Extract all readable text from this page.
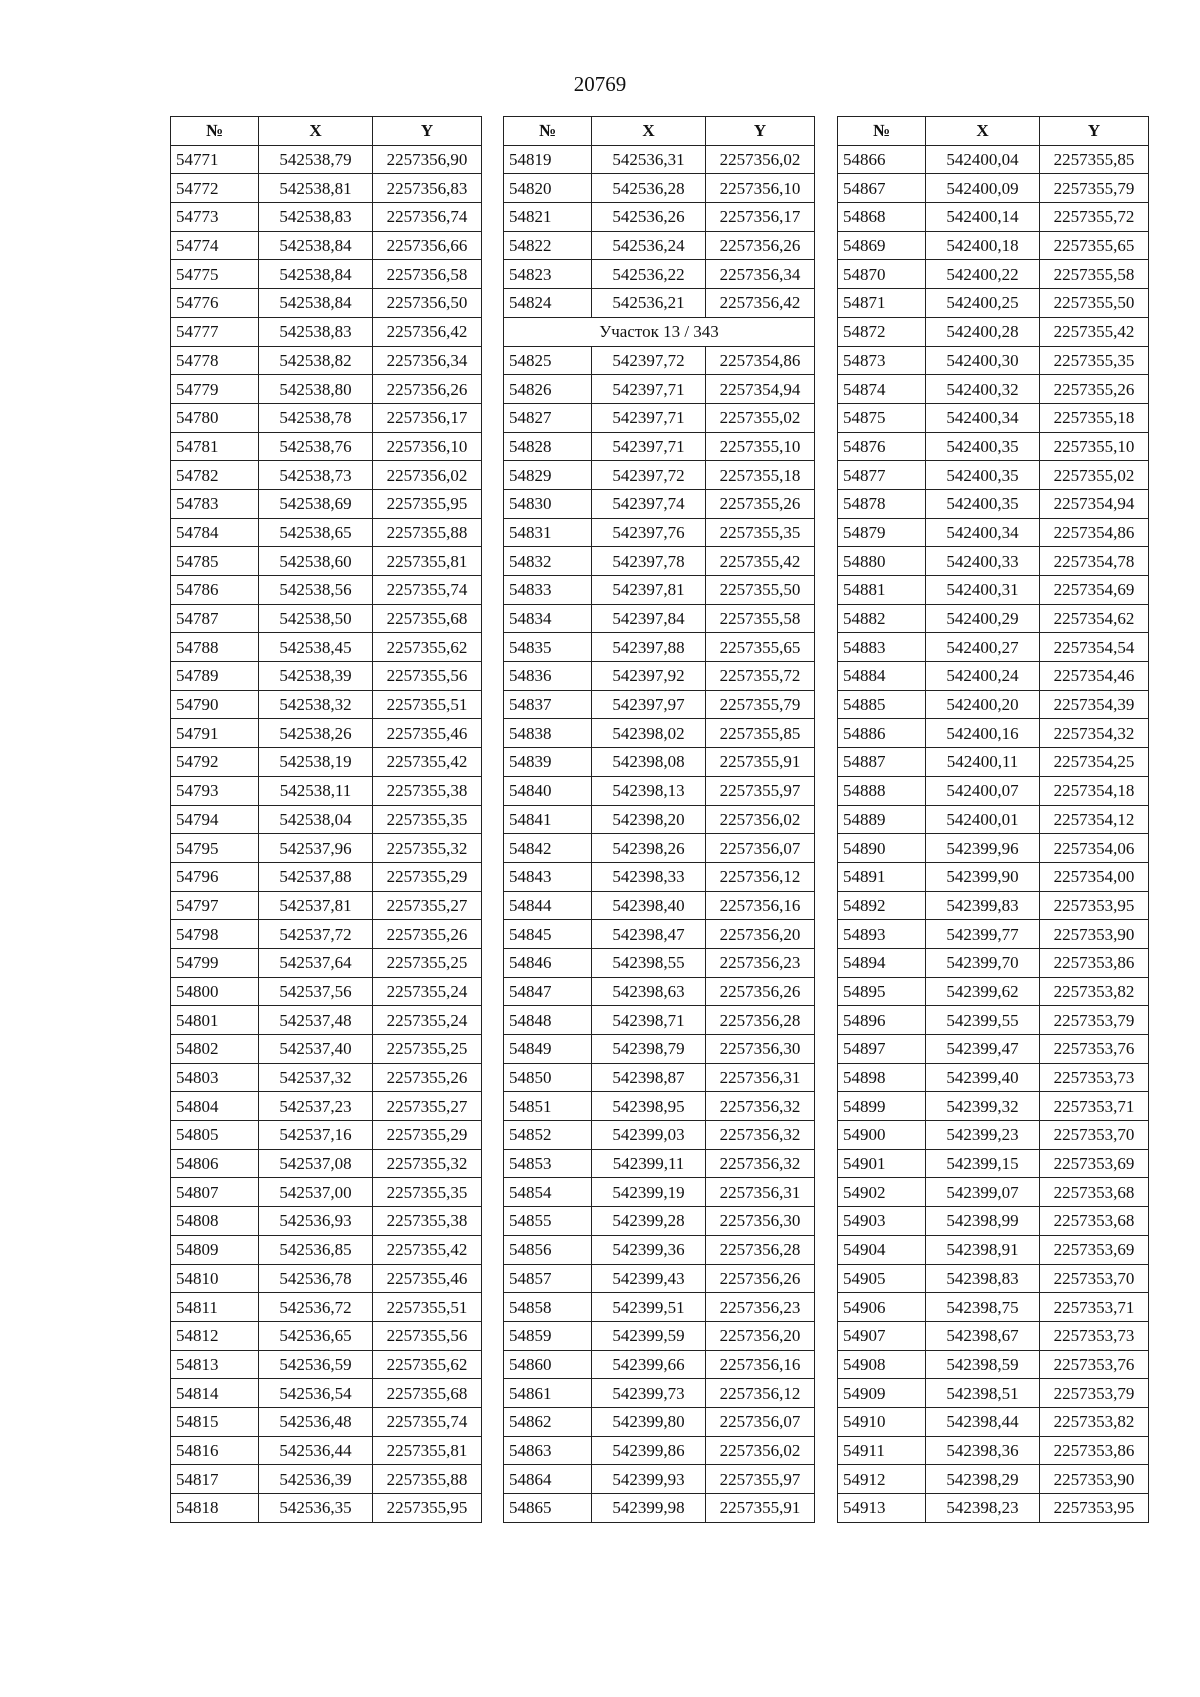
20769
№	X	Y
54771	542538,79	2257356,90
54772	542538,81	2257356,83
54773	542538,83	2257356,74
54774	542538,84	2257356,66
54775	542538,84	2257356,58
54776	542538,84	2257356,50
54777	542538,83	2257356,42
54778	542538,82	2257356,34
54779	542538,80	2257356,26
54780	542538,78	2257356,17
54781	542538,76	2257356,10
54782	542538,73	2257356,02
54783	542538,69	2257355,95
54784	542538,65	2257355,88
54785	542538,60	2257355,81
54786	542538,56	2257355,74
54787	542538,50	2257355,68
54788	542538,45	2257355,62
54789	542538,39	2257355,56
54790	542538,32	2257355,51
54791	542538,26	2257355,46
54792	542538,19	2257355,42
54793	542538,11	2257355,38
54794	542538,04	2257355,35
54795	542537,96	2257355,32
54796	542537,88	2257355,29
54797	542537,81	2257355,27
54798	542537,72	2257355,26
54799	542537,64	2257355,25
54800	542537,56	2257355,24
54801	542537,48	2257355,24
54802	542537,40	2257355,25
54803	542537,32	2257355,26
54804	542537,23	2257355,27
54805	542537,16	2257355,29
54806	542537,08	2257355,32
54807	542537,00	2257355,35
54808	542536,93	2257355,38
54809	542536,85	2257355,42
54810	542536,78	2257355,46
54811	542536,72	2257355,51
54812	542536,65	2257355,56
54813	542536,59	2257355,62
54814	542536,54	2257355,68
54815	542536,48	2257355,74
54816	542536,44	2257355,81
54817	542536,39	2257355,88
54818	542536,35	2257355,95
№	X	Y
54819	542536,31	2257356,02
54820	542536,28	2257356,10
54821	542536,26	2257356,17
54822	542536,24	2257356,26
54823	542536,22	2257356,34
54824	542536,21	2257356,42
Участок 13 / 343		
54825	542397,72	2257354,86
54826	542397,71	2257354,94
54827	542397,71	2257355,02
54828	542397,71	2257355,10
54829	542397,72	2257355,18
54830	542397,74	2257355,26
54831	542397,76	2257355,35
54832	542397,78	2257355,42
54833	542397,81	2257355,50
54834	542397,84	2257355,58
54835	542397,88	2257355,65
54836	542397,92	2257355,72
54837	542397,97	2257355,79
54838	542398,02	2257355,85
54839	542398,08	2257355,91
54840	542398,13	2257355,97
54841	542398,20	2257356,02
54842	542398,26	2257356,07
54843	542398,33	2257356,12
54844	542398,40	2257356,16
54845	542398,47	2257356,20
54846	542398,55	2257356,23
54847	542398,63	2257356,26
54848	542398,71	2257356,28
54849	542398,79	2257356,30
54850	542398,87	2257356,31
54851	542398,95	2257356,32
54852	542399,03	2257356,32
54853	542399,11	2257356,32
54854	542399,19	2257356,31
54855	542399,28	2257356,30
54856	542399,36	2257356,28
54857	542399,43	2257356,26
54858	542399,51	2257356,23
54859	542399,59	2257356,20
54860	542399,66	2257356,16
54861	542399,73	2257356,12
54862	542399,80	2257356,07
54863	542399,86	2257356,02
54864	542399,93	2257355,97
54865	542399,98	2257355,91
№	X	Y
54866	542400,04	2257355,85
54867	542400,09	2257355,79
54868	542400,14	2257355,72
54869	542400,18	2257355,65
54870	542400,22	2257355,58
54871	542400,25	2257355,50
54872	542400,28	2257355,42
54873	542400,30	2257355,35
54874	542400,32	2257355,26
54875	542400,34	2257355,18
54876	542400,35	2257355,10
54877	542400,35	2257355,02
54878	542400,35	2257354,94
54879	542400,34	2257354,86
54880	542400,33	2257354,78
54881	542400,31	2257354,69
54882	542400,29	2257354,62
54883	542400,27	2257354,54
54884	542400,24	2257354,46
54885	542400,20	2257354,39
54886	542400,16	2257354,32
54887	542400,11	2257354,25
54888	542400,07	2257354,18
54889	542400,01	2257354,12
54890	542399,96	2257354,06
54891	542399,90	2257354,00
54892	542399,83	2257353,95
54893	542399,77	2257353,90
54894	542399,70	2257353,86
54895	542399,62	2257353,82
54896	542399,55	2257353,79
54897	542399,47	2257353,76
54898	542399,40	2257353,73
54899	542399,32	2257353,71
54900	542399,23	2257353,70
54901	542399,15	2257353,69
54902	542399,07	2257353,68
54903	542398,99	2257353,68
54904	542398,91	2257353,69
54905	542398,83	2257353,70
54906	542398,75	2257353,71
54907	542398,67	2257353,73
54908	542398,59	2257353,76
54909	542398,51	2257353,79
54910	542398,44	2257353,82
54911	542398,36	2257353,86
54912	542398,29	2257353,90
54913	542398,23	2257353,95
